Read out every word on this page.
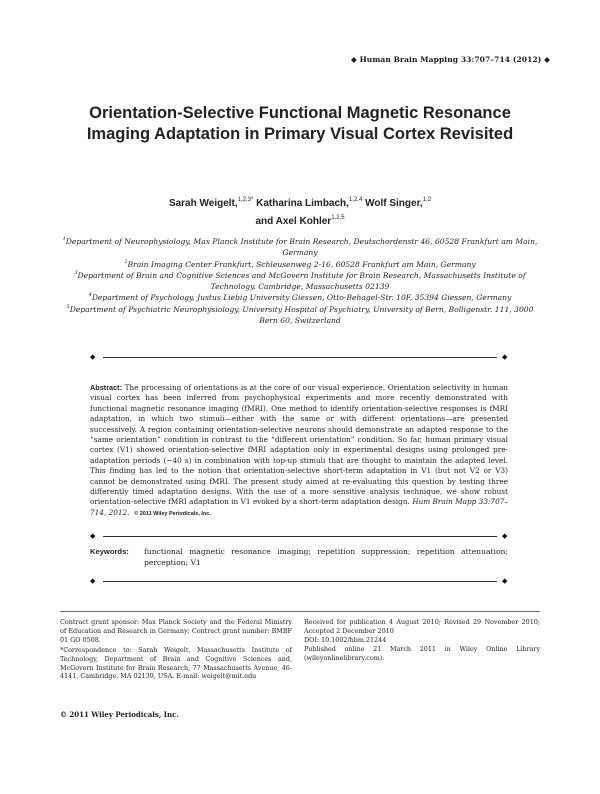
◆ Human Brain Mapping 33:707–714 (2012) ◆
Orientation-Selective Functional Magnetic Resonance Imaging Adaptation in Primary Visual Cortex Revisited
Sarah Weigelt,$^{1,2,3*}$ Katharina Limbach,$^{1,2,4}$ Wolf Singer,$^{1,2}$
and Axel Kohler$^{1,2,5}$
$^1$Department of Neurophysiology, Max Planck Institute for Brain Research, Deutschordenstr 46, 60528 Frankfurt am Main, Germany
$^2$Brain Imaging Center Frankfurt, Schleusenweg 2-16, 60528 Frankfurt am Main, Germany
$^3$Department of Brain and Cognitive Sciences and McGovern Institute for Brain Research, Massachusetts Institute of Technology, Cambridge, Massachusetts 02139
$^4$Department of Psychology, Justus Liebig University Giessen, Otto-Behagel-Str. 10F, 35394 Giessen, Germany
$^5$Department of Psychiatric Neurophysiology, University Hospital of Psychiatry, University of Bern, Bolligenstr. 111, 3000 Bern 60, Switzerland
◆	◆
Abstract: The processing of orientations is at the core of our visual experience. Orientation selectivity in human visual cortex has been inferred from psychophysical experiments and more recently demonstrated with functional magnetic resonance imaging (fMRI). One method to identify orientation-selective responses is fMRI adaptation, in which two stimuli—either with the same or with different orientations—are presented successively. A region containing orientation-selective neurons should demonstrate an adapted response to the “same orientation” condition in contrast to the “different orientation” condition. So far, human primary visual cortex (V1) showed orientation-selective fMRI adaptation only in experimental designs using prolonged pre-adaptation periods (~40 s) in combination with top-up stimuli that are thought to maintain the adapted level. This finding has led to the notion that orientation-selective short-term adaptation in V1 (but not V2 or V3) cannot be demonstrated using fMRI. The present study aimed at re-evaluating this question by testing three differently timed adaptation designs. With the use of a more sensitive analysis technique, we show robust orientation-selective fMRI adaptation in V1 evoked by a short-term adaptation design. Hum Brain Mapp 33:707–714, 2012. © 2011 Wiley Periodicals, Inc.
◆	◆
Keywords: functional magnetic resonance imaging; repetition suppression; repetition attenuation; perception; V1
◆	◆

Contract grant sponsor: Max Planck Society and the Federal Ministry of Education and Research in Germany; Contract grant number: BMBF 01 GO 0508.

*Correspondence to: Sarah Weigelt, Massachusetts Institute of Technology, Department of Brain and Cognitive Sciences and, McGovern Institute for Brain Research, 77 Massachusetts Avenue, 46-4141, Cambridge, MA 02139, USA. E-mail: weigelt@mit.edu

Received for publication 4 August 2010; Revised 29 November 2010; Accepted 2 December 2010

DOI: 10.1002/hbm.21244

Published online 21 March 2011 in Wiley Online Library (wileyonlinelibrary.com).

© 2011 Wiley Periodicals, Inc.
